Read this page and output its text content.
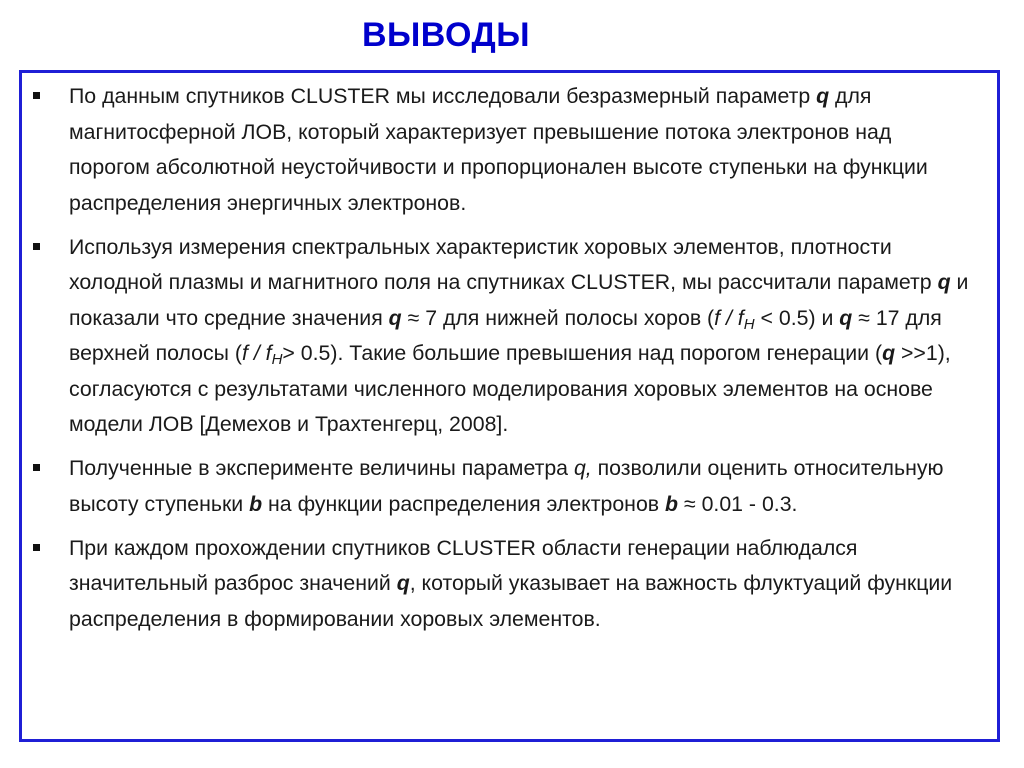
ВЫВОДЫ
По данным спутников CLUSTER мы исследовали безразмерный параметр q для магнитосферной ЛОВ, который характеризует превышение потока электронов над порогом абсолютной неустойчивости и пропорционален высоте ступеньки на функции распределения энергичных электронов.
Используя измерения спектральных характеристик хоровых элементов, плотности холодной плазмы и магнитного поля на спутниках CLUSTER, мы рассчитали параметр q и показали что средние значения q ≈ 7 для нижней полосы хоров $(f / f_H < 0.5)$ и q ≈ 17 для верхней полосы $(f / f_H> 0.5)$. Такие большие превышения над порогом генерации (q >>1), согласуются с результатами численного моделирования хоровых элементов на основе модели ЛОВ [Демехов и Трахтенгерц, 2008].
Полученные в эксперименте величины параметра q, позволили оценить относительную высоту ступеньки b на функции распределения электронов b ≈ 0.01 - 0.3.
При каждом прохождении спутников CLUSTER области генерации наблюдался значительный разброс значений q, который указывает на важность флуктуаций функции распределения в формировании хоровых элементов.
